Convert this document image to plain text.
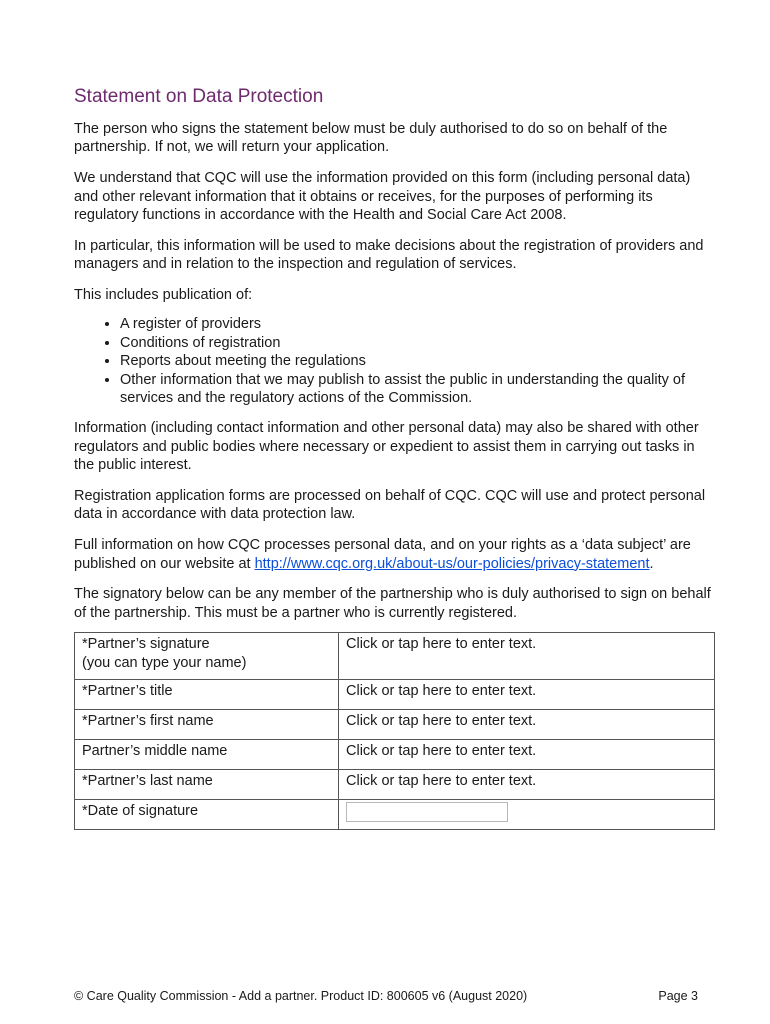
Statement on Data Protection

The person who signs the statement below must be duly authorised to do so on behalf of the partnership. If not, we will return your application.

We understand that CQC will use the information provided on this form (including personal data) and other relevant information that it obtains or receives, for the purposes of performing its regulatory functions in accordance with the Health and Social Care Act 2008.

In particular, this information will be used to make decisions about the registration of providers and managers and in relation to the inspection and regulation of services.

This includes publication of:

• A register of providers
• Conditions of registration
• Reports about meeting the regulations
• Other information that we may publish to assist the public in understanding the quality of services and the regulatory actions of the Commission.

Information (including contact information and other personal data) may also be shared with other regulators and public bodies where necessary or expedient to assist them in carrying out tasks in the public interest.

Registration application forms are processed on behalf of CQC. CQC will use and protect personal data in accordance with data protection law.

Full information on how CQC processes personal data, and on your rights as a ‘data subject’ are published on our website at http://www.cqc.org.uk/about-us/our-policies/privacy-statement.

The signatory below can be any member of the partnership who is duly authorised to sign on behalf of the partnership. This must be a partner who is currently registered.

*Partner’s signature
(you can type your name)	Click or tap here to enter text.
*Partner’s title	Click or tap here to enter text.
*Partner’s first name	Click or tap here to enter text.
Partner’s middle name	Click or tap here to enter text.
*Partner’s last name	Click or tap here to enter text.
*Date of signature	
© Care Quality Commission - Add a partner. Product ID: 800605 v6 (August 2020)	Page 3
